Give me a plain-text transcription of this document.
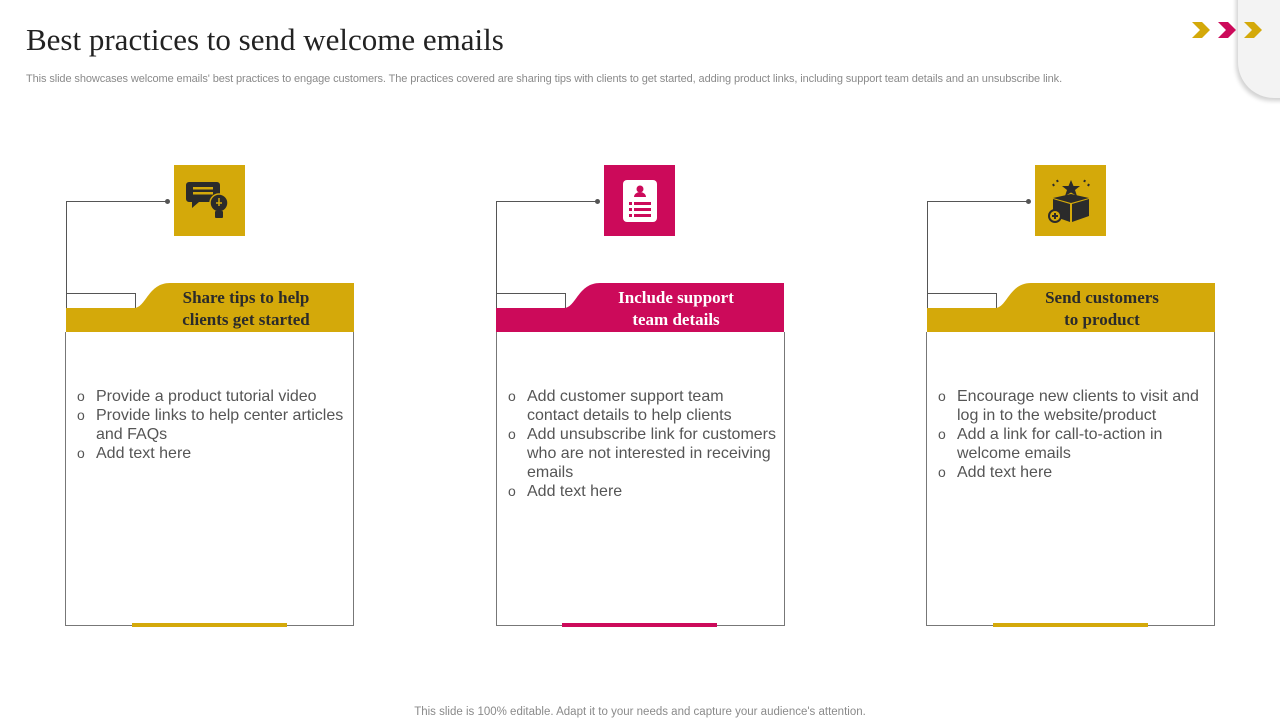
Best practices to send welcome emails
This slide showcases welcome emails' best practices to engage customers. The practices covered are sharing tips with clients to get started, adding product links, including support team details and an unsubscribe link.
Share tips to help
clients get started
o Provide a product tutorial video
o Provide links to help center articles and FAQs
o Add text here
Include support
team details
o Add customer support team contact details to help clients
o Add unsubscribe link for customers who are not interested in receiving emails
o Add text here
Send customers
to product
o Encourage new clients to visit and log in to the website/product
o Add a link for call-to-action in welcome emails
o Add text here
This slide is 100% editable. Adapt it to your needs and capture your audience's attention.
